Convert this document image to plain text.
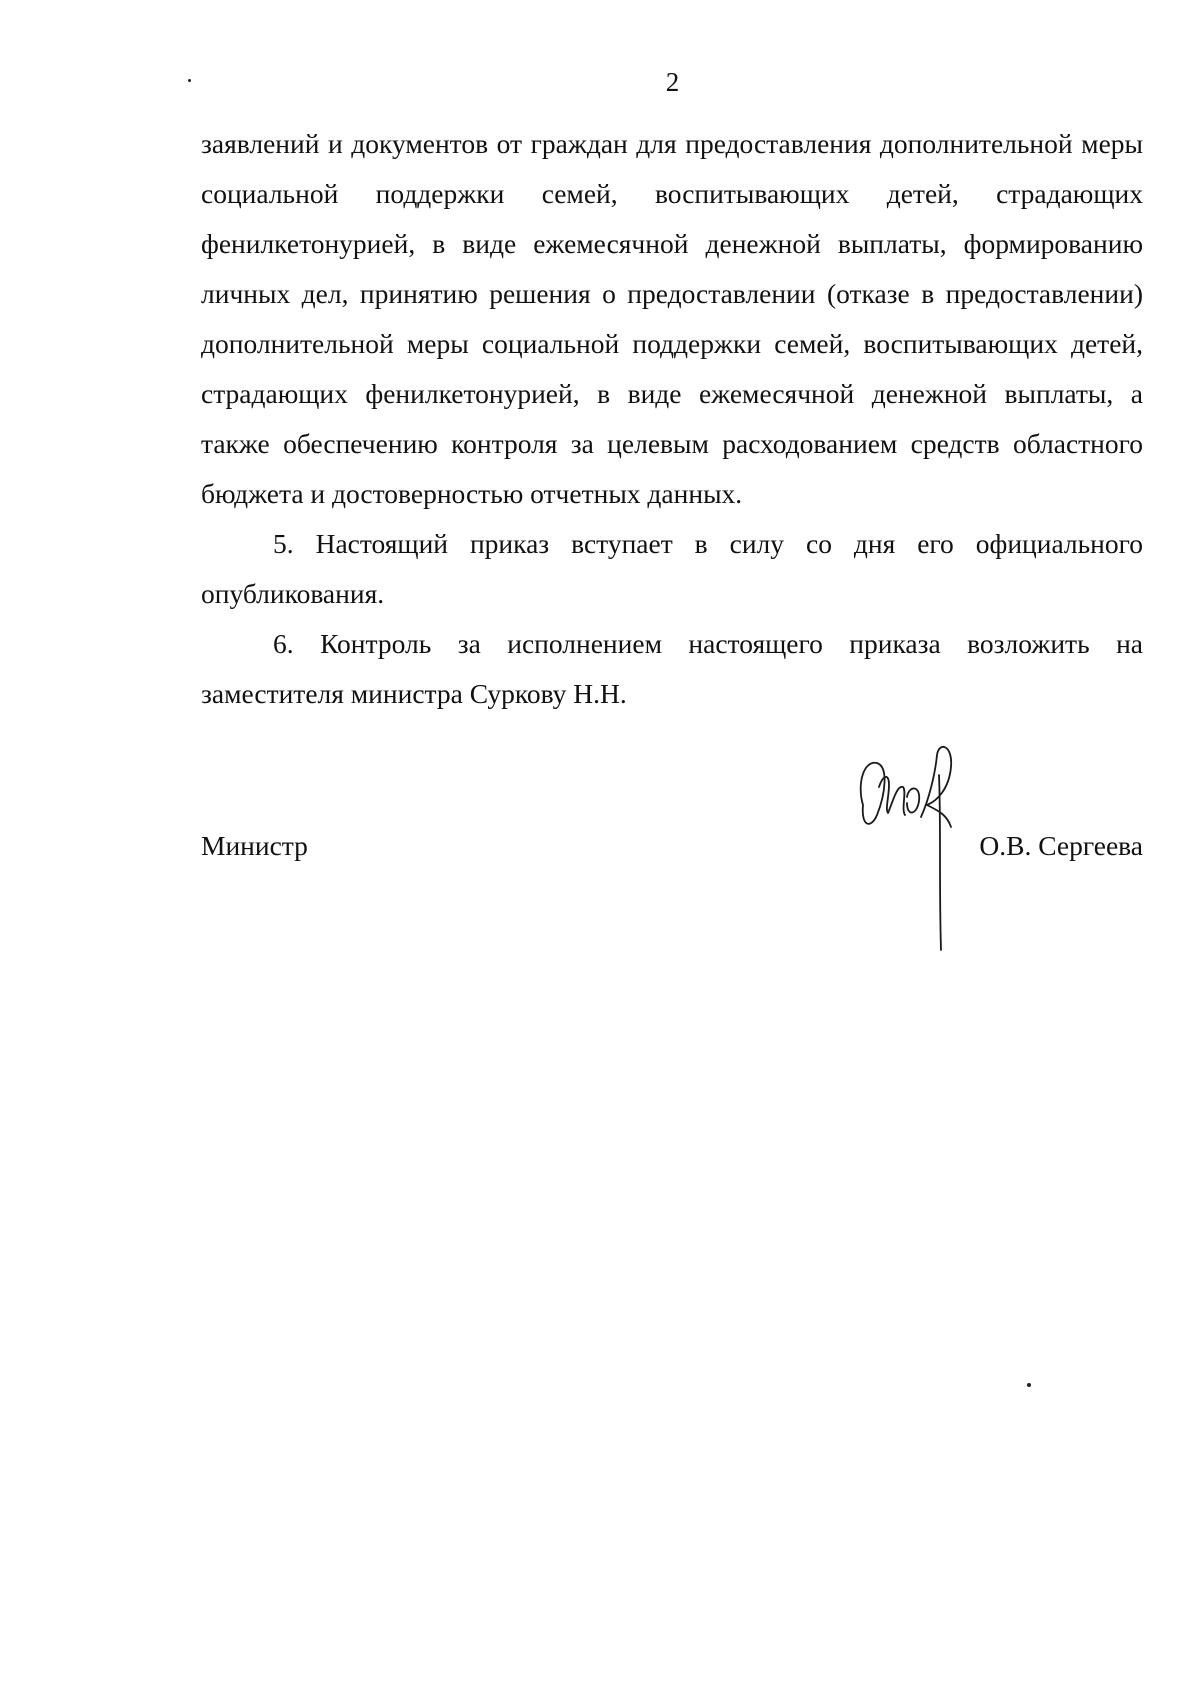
2

заявлений и документов от граждан для предоставления дополнительной меры социальной поддержки семей, воспитывающих детей, страдающих фенилкетонурией, в виде ежемесячной денежной выплаты, формированию личных дел, принятию решения о предоставлении (отказе в предоставлении) дополнительной меры социальной поддержки семей, воспитывающих детей, страдающих фенилкетонурией, в виде ежемесячной денежной выплаты, а также обеспечению контроля за целевым расходованием средств областного бюджета и достоверностью отчетных данных.

5. Настоящий приказ вступает в силу со дня его официального опубликования.

6. Контроль за исполнением настоящего приказа возложить на заместителя министра Суркову Н.Н.

Министр	О.В. Сергеева
